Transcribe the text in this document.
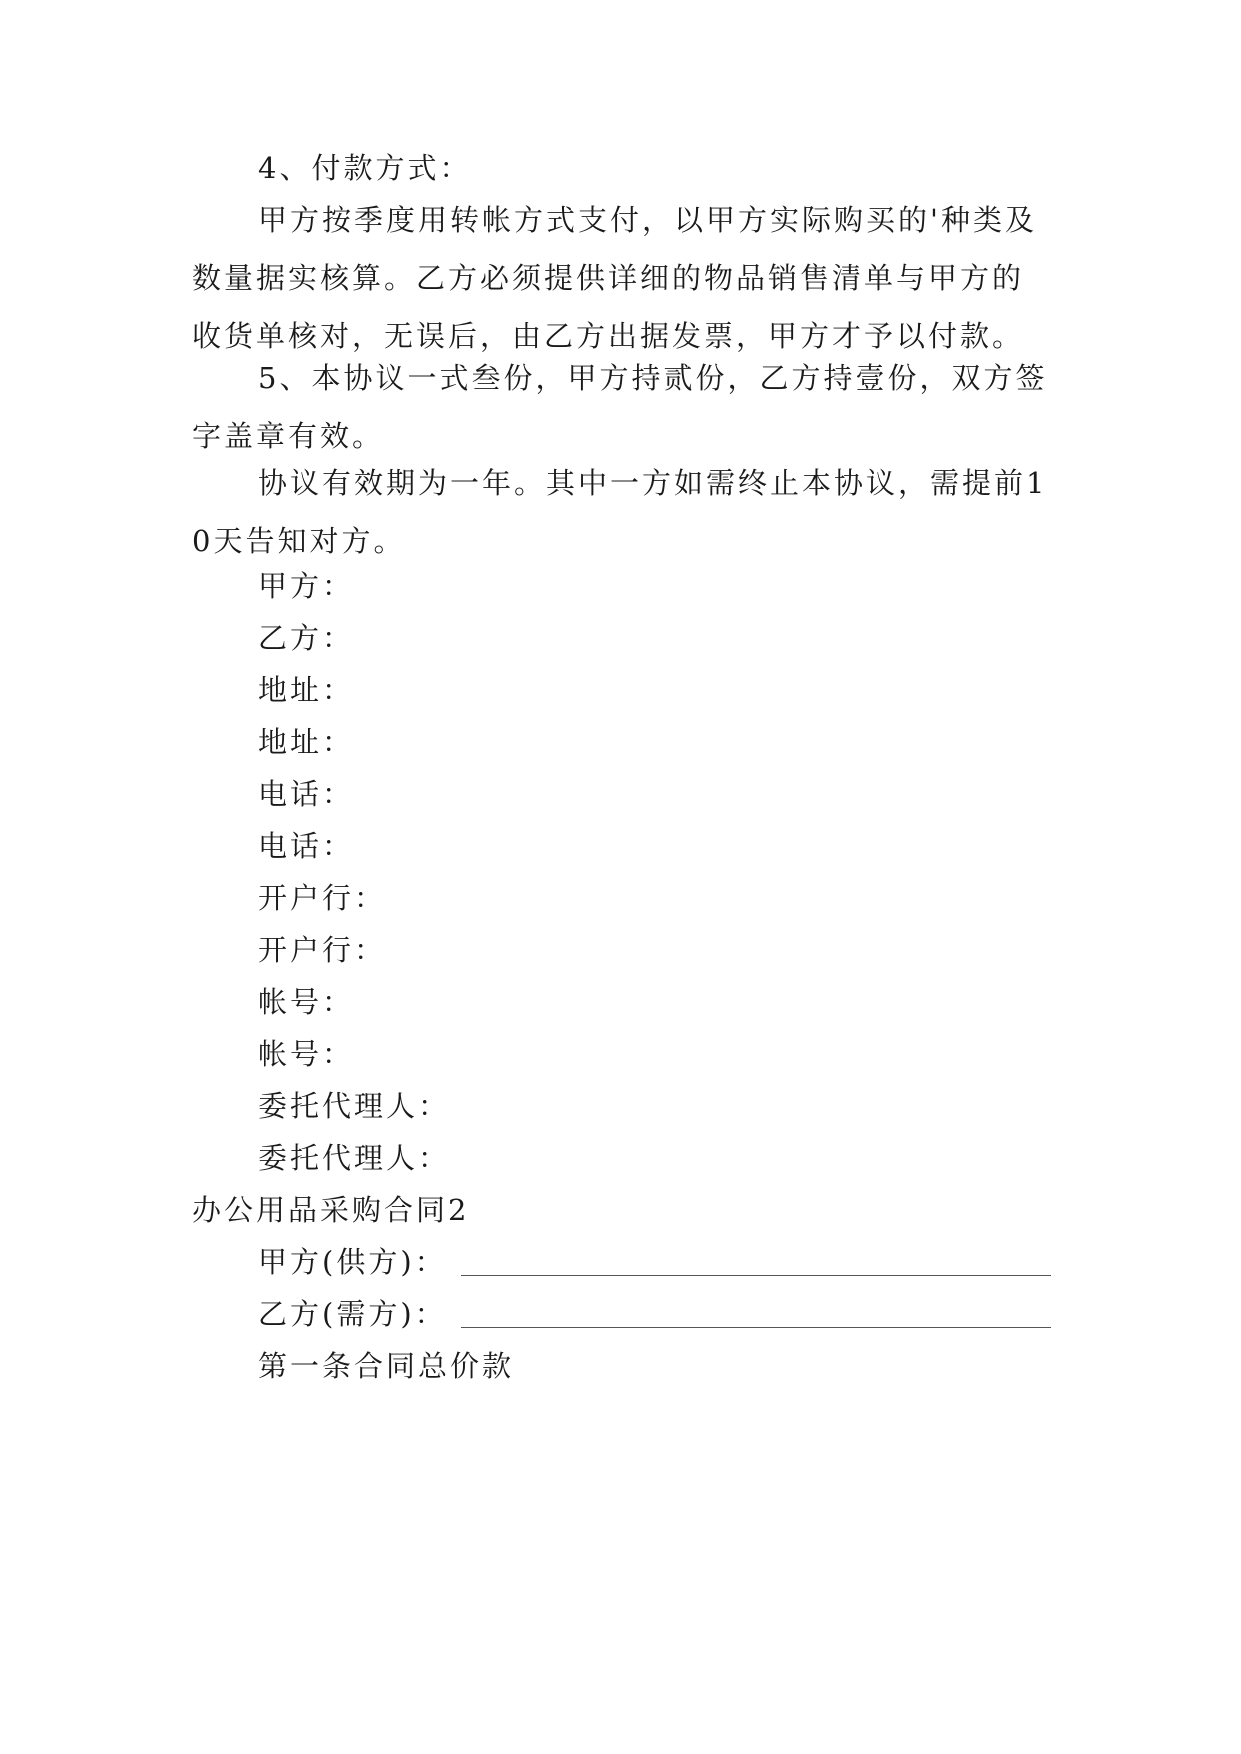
4、付款方式：

甲方按季度用转帐方式支付，以甲方实际购买的'种类及数量据实核算。乙方必须提供详细的物品销售清单与甲方的收货单核对，无误后，由乙方出据发票，甲方才予以付款。

5、本协议一式叁份，甲方持贰份，乙方持壹份，双方签字盖章有效。

协议有效期为一年。其中一方如需终止本协议，需提前10天告知对方。

甲方：

乙方：

地址：

地址：

电话：

电话：

开户行：

开户行：

帐号：

帐号：

委托代理人：

委托代理人：

办公用品采购合同2

甲方(供方)：

乙方(需方)：

第一条合同总价款
